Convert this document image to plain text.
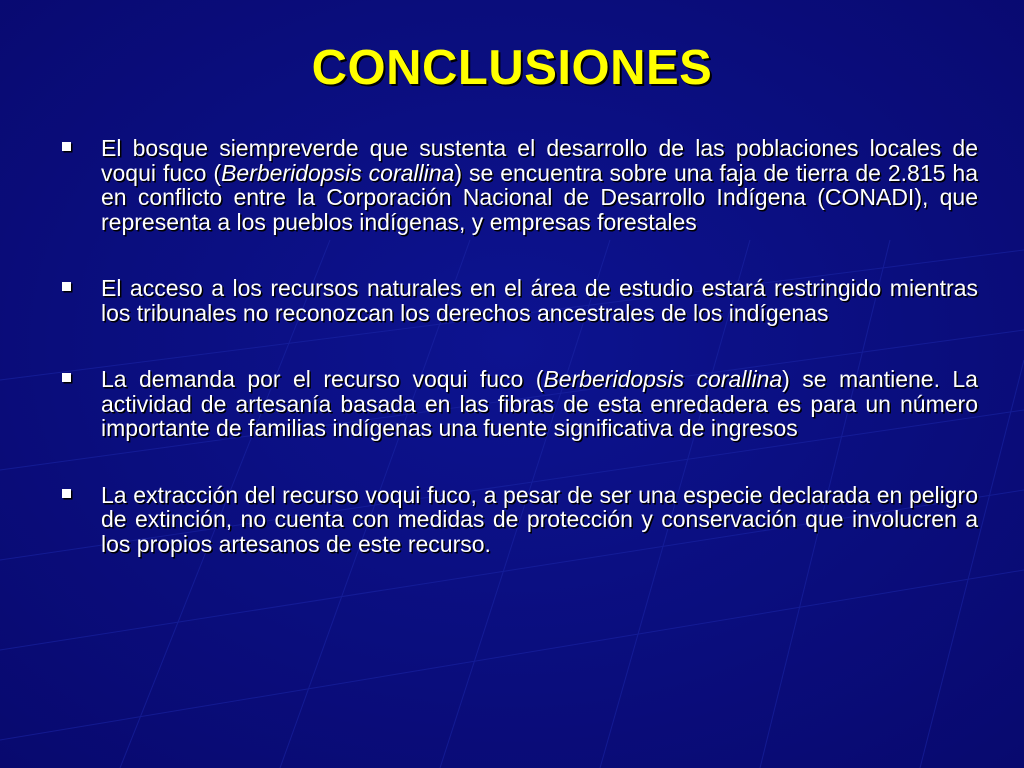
CONCLUSIONES
El bosque siempreverde que sustenta el desarrollo de las poblaciones locales de voqui fuco (Berberidopsis corallina) se encuentra sobre una faja de tierra de 2.815 ha en conflicto entre la Corporación Nacional de Desarrollo Indígena (CONADI), que representa a los pueblos indígenas, y empresas forestales
El acceso a los recursos naturales en el área de estudio estará restringido mientras los tribunales no reconozcan los derechos ancestrales de los indígenas
La demanda por el recurso voqui fuco (Berberidopsis corallina) se mantiene. La actividad de artesanía basada en las fibras de esta enredadera es para un número importante de familias indígenas una fuente significativa de ingresos
La extracción del recurso voqui fuco, a pesar de ser una especie declarada en peligro de extinción, no cuenta con medidas de protección y conservación que involucren a los propios artesanos de este recurso.
